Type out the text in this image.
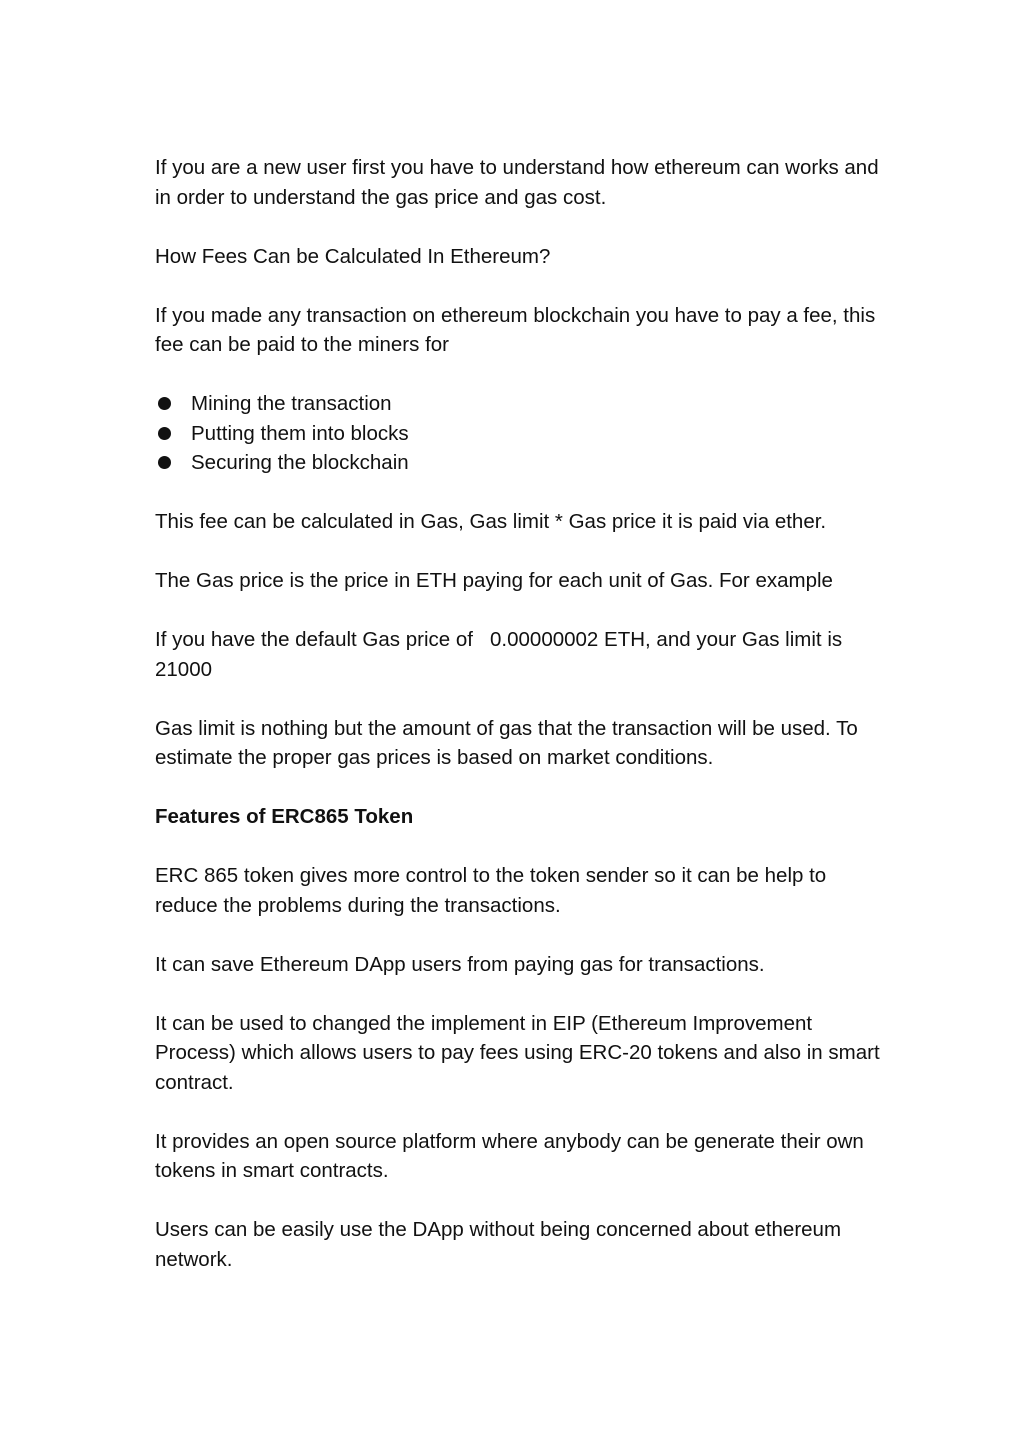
If you are a new user first you have to understand how ethereum can works and in order to understand the gas price and gas cost.

How Fees Can be Calculated In Ethereum?

If you made any transaction on ethereum blockchain you have to pay a fee, this fee can be paid to the miners for

Mining the transaction
Putting them into blocks
Securing the blockchain

This fee can be calculated in Gas, Gas limit * Gas price it is paid via ether.

The Gas price is the price in ETH paying for each unit of Gas. For example

If you have the default Gas price of   0.00000002 ETH, and your Gas limit is 21000

Gas limit is nothing but the amount of gas that the transaction will be used. To estimate the proper gas prices is based on market conditions.

Features of ERC865 Token

ERC 865 token gives more control to the token sender so it can be help to reduce the problems during the transactions.

It can save Ethereum DApp users from paying gas for transactions.

It can be used to changed the implement in EIP (Ethereum Improvement Process) which allows users to pay fees using ERC-20 tokens and also in smart contract.

It provides an open source platform where anybody can be generate their own tokens in smart contracts.

Users can be easily use the DApp without being concerned about ethereum network.
